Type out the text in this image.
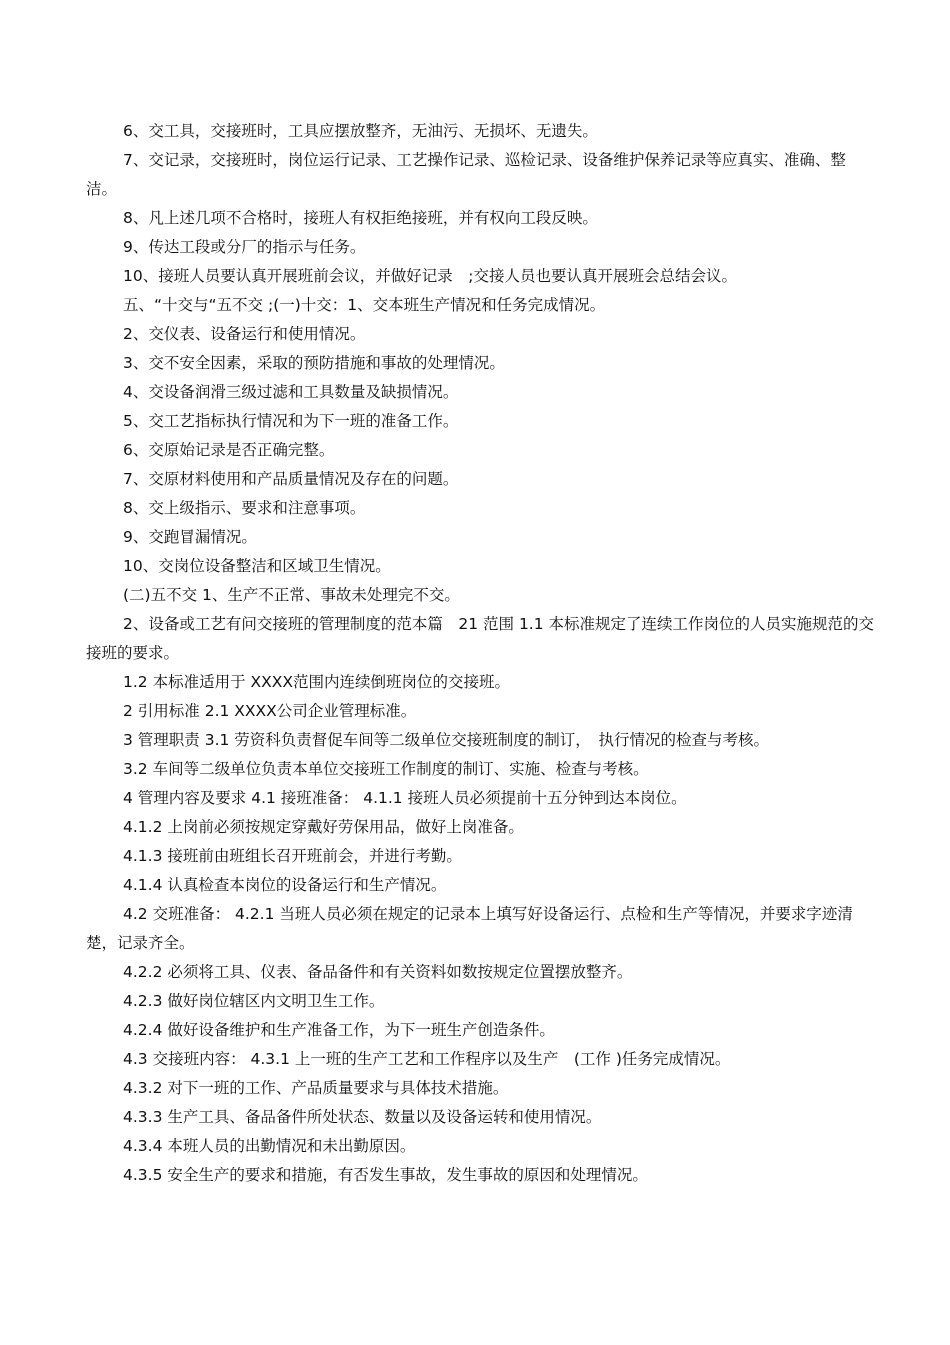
6、交工具，交接班时，工具应摆放整齐，无油污、无损坏、无遗失。

7、交记录，交接班时，岗位运行记录、工艺操作记录、巡检记录、设备维护保养记录等应真实、准确、整洁。

8、凡上述几项不合格时，接班人有权拒绝接班，并有权向工段反映。

9、传达工段或分厂的指示与任务。

10、接班人员要认真开展班前会议，并做好记录　;交接人员也要认真开展班会总结会议。

五、“十交与“五不交 ;(一)十交：1、交本班生产情况和任务完成情况。

2、交仪表、设备运行和使用情况。

3、交不安全因素，采取的预防措施和事故的处理情况。

4、交设备润滑三级过滤和工具数量及缺损情况。

5、交工艺指标执行情况和为下一班的准备工作。

6、交原始记录是否正确完整。

7、交原材料使用和产品质量情况及存在的问题。

8、交上级指示、要求和注意事项。

9、交跑冒漏情况。

10、交岗位设备整洁和区域卫生情况。

(二)五不交 1、生产不正常、事故未处理完不交。

2、设备或工艺有问交接班的管理制度的范本篇　21 范围 1.1 本标准规定了连续工作岗位的人员实施规范的交接班的要求。

1.2 本标准适用于 XXXX范围内连续倒班岗位的交接班。

2 引用标准 2.1 XXXX公司企业管理标准。

3 管理职责 3.1 劳资科负责督促车间等二级单位交接班制度的制订，　执行情况的检查与考核。

3.2 车间等二级单位负责本单位交接班工作制度的制订、实施、检查与考核。

4 管理内容及要求 4.1 接班准备： 4.1.1 接班人员必须提前十五分钟到达本岗位。

4.1.2 上岗前必须按规定穿戴好劳保用品，做好上岗准备。

4.1.3 接班前由班组长召开班前会，并进行考勤。

4.1.4 认真检查本岗位的设备运行和生产情况。

4.2 交班准备： 4.2.1 当班人员必须在规定的记录本上填写好设备运行、点检和生产等情况，并要求字迹清楚，记录齐全。

4.2.2 必须将工具、仪表、备品备件和有关资料如数按规定位置摆放整齐。

4.2.3 做好岗位辖区内文明卫生工作。

4.2.4 做好设备维护和生产准备工作，为下一班生产创造条件。

4.3 交接班内容： 4.3.1 上一班的生产工艺和工作程序以及生产　(工作 )任务完成情况。

4.3.2 对下一班的工作、产品质量要求与具体技术措施。

4.3.3 生产工具、备品备件所处状态、数量以及设备运转和使用情况。

4.3.4 本班人员的出勤情况和未出勤原因。

4.3.5 安全生产的要求和措施，有否发生事故，发生事故的原因和处理情况。
